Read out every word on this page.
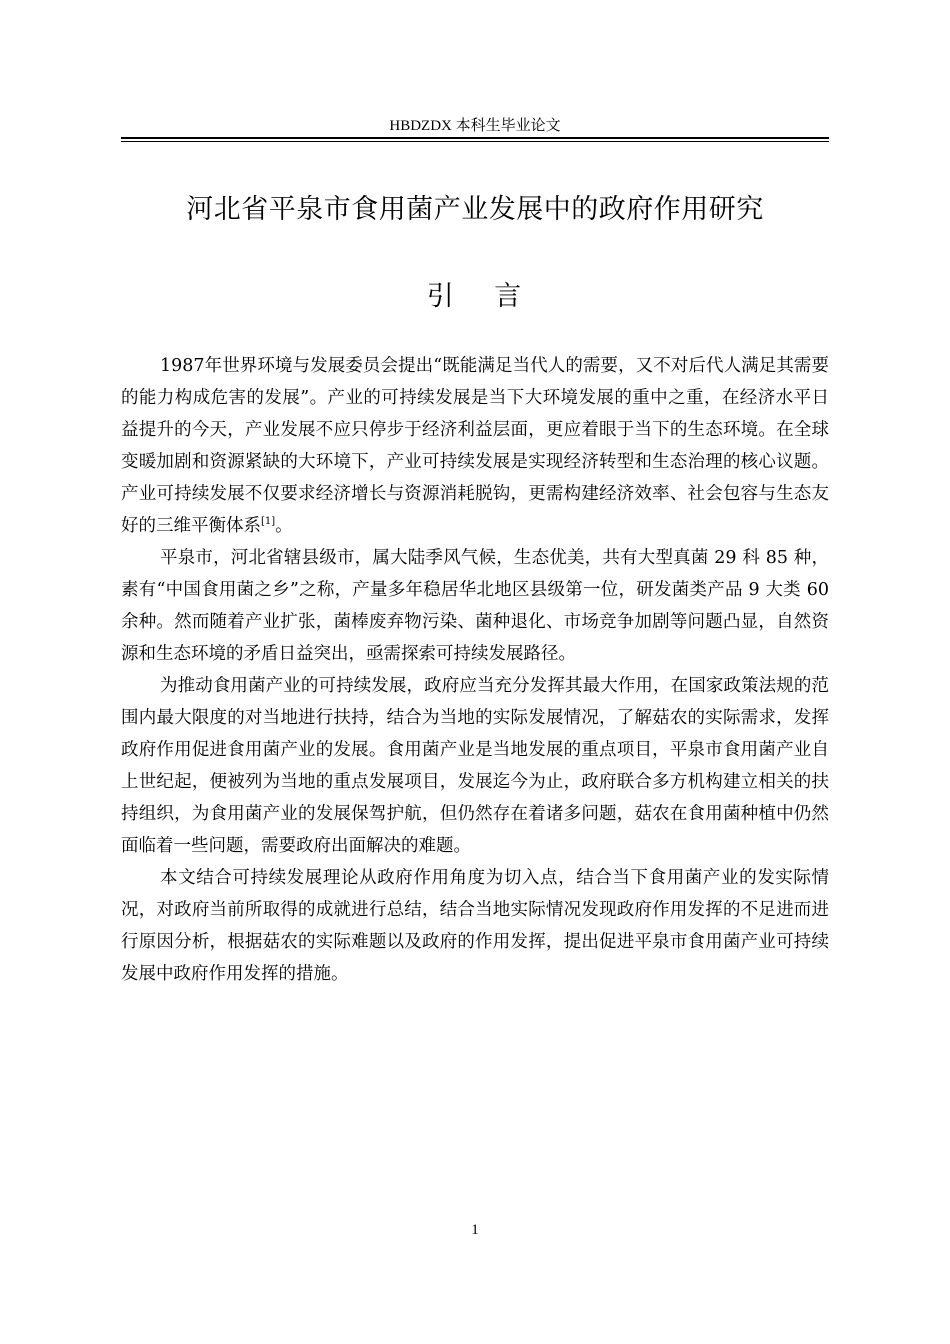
HBDZDX 本科生毕业论文
河北省平泉市食用菌产业发展中的政府作用研究
引 言

1987年世界环境与发展委员会提出“既能满足当代人的需要，又不对后代人满足其需要的能力构成危害的发展”。产业的可持续发展是当下大环境发展的重中之重，在经济水平日益提升的今天，产业发展不应只停步于经济利益层面，更应着眼于当下的生态环境。在全球变暖加剧和资源紧缺的大环境下，产业可持续发展是实现经济转型和生态治理的核心议题。产业可持续发展不仅要求经济增长与资源消耗脱钩，更需构建经济效率、社会包容与生态友好的三维平衡体系[1]。

平泉市，河北省辖县级市，属大陆季风气候，生态优美，共有大型真菌 29 科 85 种，素有“中国食用菌之乡”之称，产量多年稳居华北地区县级第一位，研发菌类产品 9 大类 60 余种。然而随着产业扩张，菌棒废弃物污染、菌种退化、市场竞争加剧等问题凸显，自然资源和生态环境的矛盾日益突出，亟需探索可持续发展路径。

为推动食用菌产业的可持续发展，政府应当充分发挥其最大作用，在国家政策法规的范围内最大限度的对当地进行扶持，结合为当地的实际发展情况，了解菇农的实际需求，发挥政府作用促进食用菌产业的发展。食用菌产业是当地发展的重点项目，平泉市食用菌产业自上世纪起，便被列为当地的重点发展项目，发展迄今为止，政府联合多方机构建立相关的扶持组织，为食用菌产业的发展保驾护航，但仍然存在着诸多问题，菇农在食用菌种植中仍然面临着一些问题，需要政府出面解决的难题。

本文结合可持续发展理论从政府作用角度为切入点，结合当下食用菌产业的发实际情况，对政府当前所取得的成就进行总结，结合当地实际情况发现政府作用发挥的不足进而进行原因分析，根据菇农的实际难题以及政府的作用发挥，提出促进平泉市食用菌产业可持续发展中政府作用发挥的措施。

1
